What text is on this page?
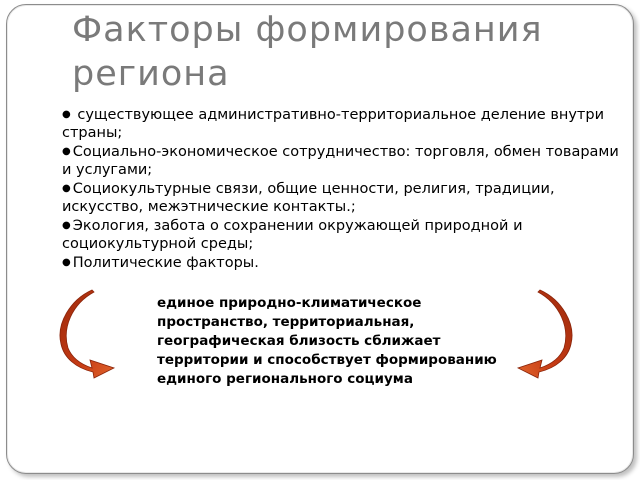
Факторы формирования региона
● существующее административно-территориальное деление внутри страны;
● Социально-экономическое сотрудничество: торговля, обмен товарами и услугами;
● Социокультурные связи, общие ценности, религия, традиции, искусство, межэтнические контакты.;
● Экология, забота о сохранении окружающей природной и социокультурной среды;
● Политические факторы.
единое природно-климатическое пространство, территориальная, географическая близость сближает территории и способствует формированию единого регионального социума
